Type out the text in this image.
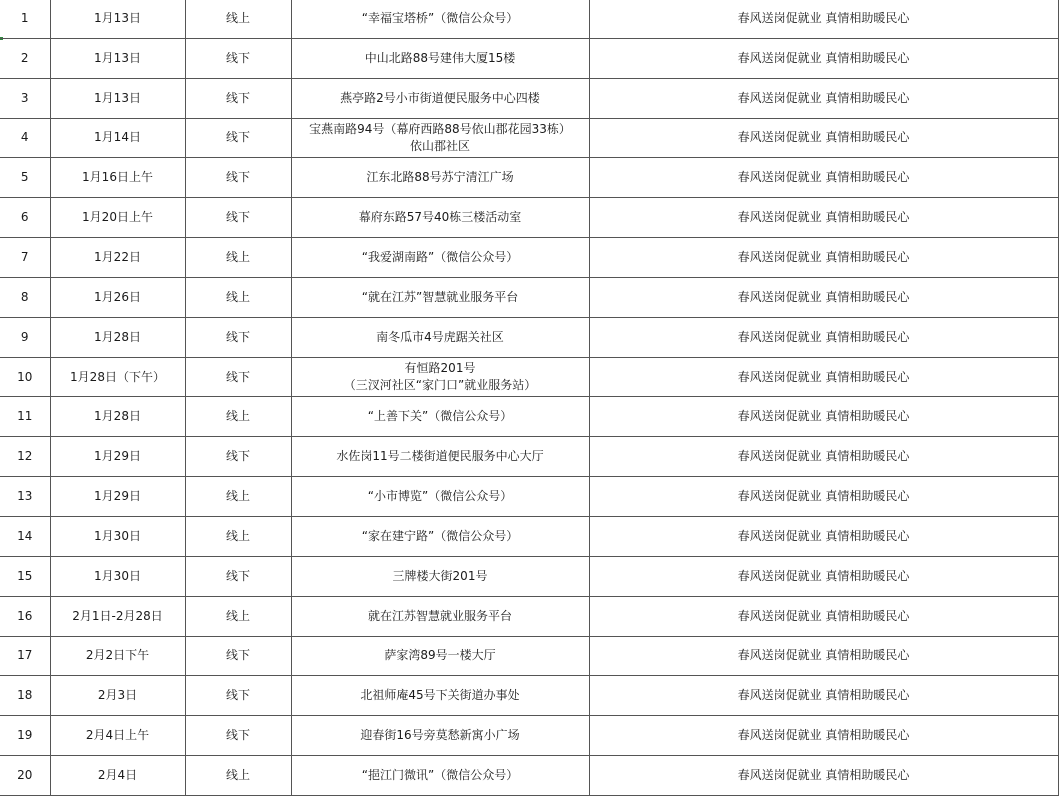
1	1月13日	线上	“幸福宝塔桥”（微信公众号）	春风送岗促就业 真情相助暖民心
2	1月13日	线下	中山北路88号建伟大厦15楼	春风送岗促就业 真情相助暖民心
3	1月13日	线下	燕亭路2号小市街道便民服务中心四楼	春风送岗促就业 真情相助暖民心
4	1月14日	线下	宝燕南路94号（幕府西路88号依山郡花园33栋）
依山郡社区	春风送岗促就业 真情相助暖民心
5	1月16日上午	线下	江东北路88号苏宁清江广场	春风送岗促就业 真情相助暖民心
6	1月20日上午	线下	幕府东路57号40栋三楼活动室	春风送岗促就业 真情相助暖民心
7	1月22日	线上	“我爱湖南路”（微信公众号）	春风送岗促就业 真情相助暖民心
8	1月26日	线上	“就在江苏”智慧就业服务平台	春风送岗促就业 真情相助暖民心
9	1月28日	线下	南冬瓜市4号虎踞关社区	春风送岗促就业 真情相助暖民心
10	1月28日（下午）	线下	有恒路201号
（三汊河社区“家门口”就业服务站）	春风送岗促就业 真情相助暖民心
11	1月28日	线上	“上善下关”（微信公众号）	春风送岗促就业 真情相助暖民心
12	1月29日	线下	水佐岗11号二楼街道便民服务中心大厅	春风送岗促就业 真情相助暖民心
13	1月29日	线上	“小市博览”（微信公众号）	春风送岗促就业 真情相助暖民心
14	1月30日	线上	“家在建宁路”（微信公众号）	春风送岗促就业 真情相助暖民心
15	1月30日	线下	三牌楼大街201号	春风送岗促就业 真情相助暖民心
16	2月1日-2月28日	线上	就在江苏智慧就业服务平台	春风送岗促就业 真情相助暖民心
17	2月2日下午	线下	萨家湾89号一楼大厅	春风送岗促就业 真情相助暖民心
18	2月3日	线下	北祖师庵45号下关街道办事处	春风送岗促就业 真情相助暖民心
19	2月4日上午	线下	迎春街16号旁莫愁新寓小广场	春风送岗促就业 真情相助暖民心
20	2月4日	线上	“挹江门微讯”（微信公众号）	春风送岗促就业 真情相助暖民心
